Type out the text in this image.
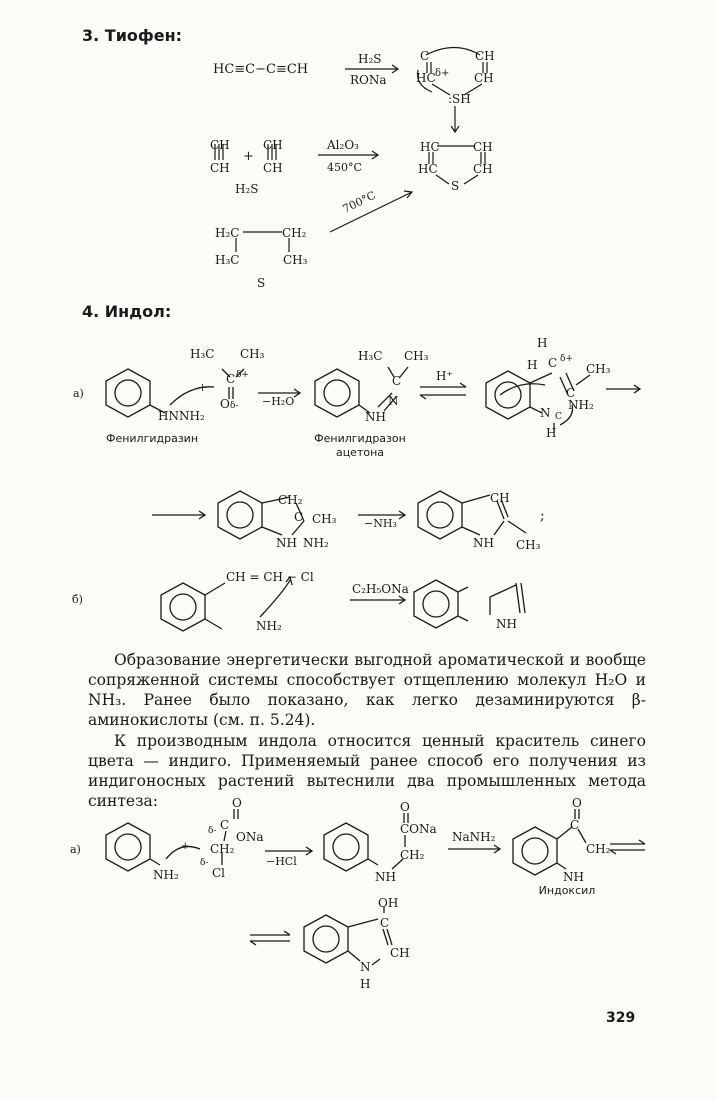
3. Тиофен:
4. Индол:
HC≡C−C≡CH
H₂S
RONa
C	CH
HC δ+ CH
:SH
CH
CH
+
CH
CH
Al₂O₃
450°C
HC	CH
HC	CH
S
H₂S
H₂C	CH₂
H₃C	CH₃
S
700°C
а)
HNNH₂
+
H₃C CH₃
C δ+
O δ- −H₂O
H₃C CH₃
C
NH
N
H⁺
H
H C δ+
CH₃
C
NH₂
N C
H
CH₂
C CH₃
NH NH₂
−NH₃
CH
NH CH₃
;
б)
CH = CH − Cl
NH₂
C₂H₅ONa
NH
Фенилгидразин	Фенилгидразон
ацетона

Образование энергетически выгодной ароматической и вообще сопряженной системы способствует отщеплению молекул H₂O и NH₃. Ранее было показано, как легко дезаминируются β-аминокислоты (см. п. 5.24).

К производным индола относится ценный краситель синего цвета — индиго. Применяемый ранее способ его получения из индигоносных растений вытеснили два промышленных метода синтеза:

а)
NH₂
+
O
C
ONa
δ-
CH₂
δ-
Cl
−HCl
O
CONa
CH₂
NH
NaNH₂
O
C
CH₂
NH
OH
C
CH
N
H
Индоксил
329
